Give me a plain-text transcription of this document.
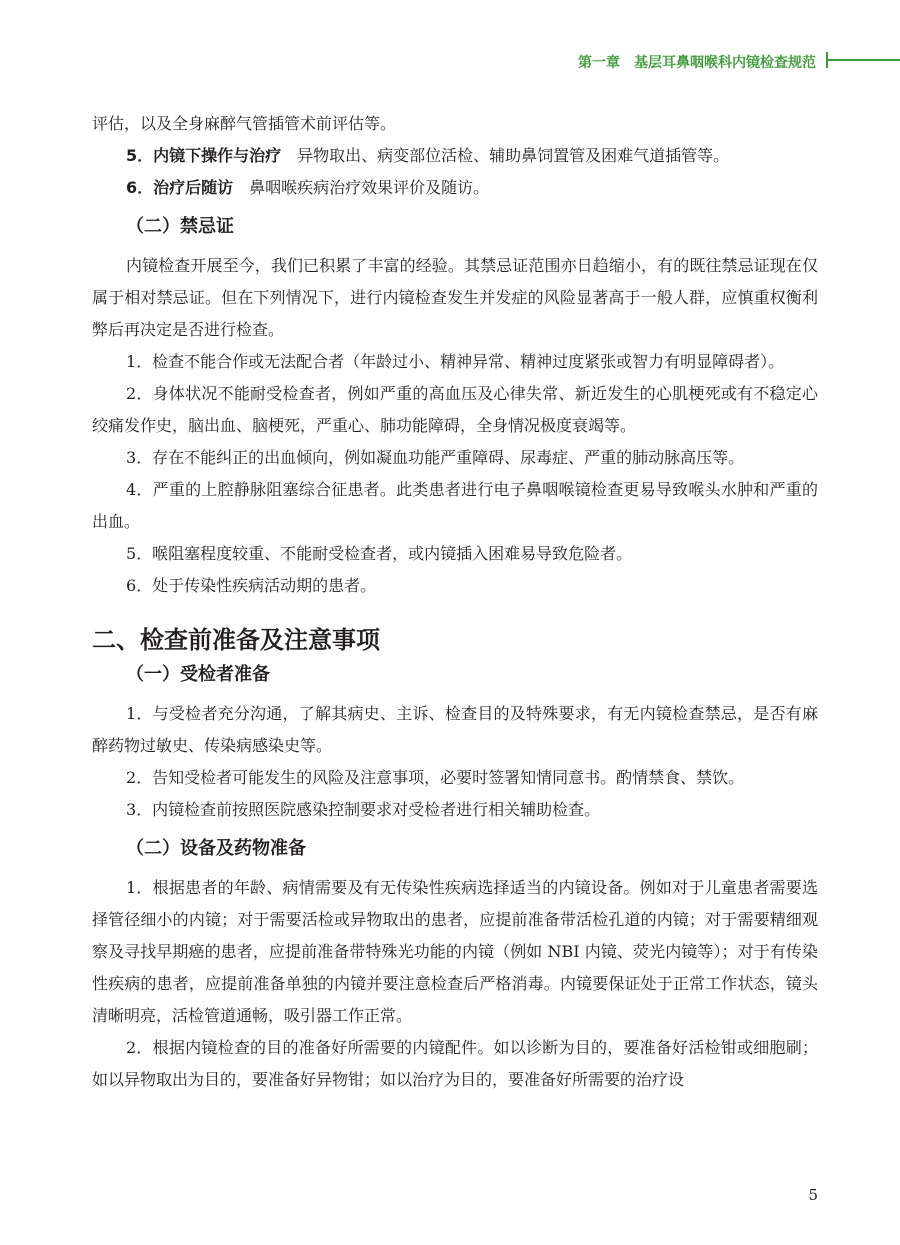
第一章　基层耳鼻咽喉科内镜检查规范

评估，以及全身麻醉气管插管术前评估等。

5．内镜下操作与治疗　异物取出、病变部位活检、辅助鼻饲置管及困难气道插管等。

6．治疗后随访　鼻咽喉疾病治疗效果评价及随访。

（二）禁忌证

内镜检查开展至今，我们已积累了丰富的经验。其禁忌证范围亦日趋缩小，有的既往禁忌证现在仅属于相对禁忌证。但在下列情况下，进行内镜检查发生并发症的风险显著高于一般人群，应慎重权衡利弊后再决定是否进行检查。

1．检查不能合作或无法配合者（年龄过小、精神异常、精神过度紧张或智力有明显障碍者）。

2．身体状况不能耐受检查者，例如严重的高血压及心律失常、新近发生的心肌梗死或有不稳定心绞痛发作史，脑出血、脑梗死，严重心、肺功能障碍，全身情况极度衰竭等。

3．存在不能纠正的出血倾向，例如凝血功能严重障碍、尿毒症、严重的肺动脉高压等。

4．严重的上腔静脉阻塞综合征患者。此类患者进行电子鼻咽喉镜检查更易导致喉头水肿和严重的出血。

5．喉阻塞程度较重、不能耐受检查者，或内镜插入困难易导致危险者。

6．处于传染性疾病活动期的患者。

二、检查前准备及注意事项
（一）受检者准备

1．与受检者充分沟通，了解其病史、主诉、检查目的及特殊要求，有无内镜检查禁忌，是否有麻醉药物过敏史、传染病感染史等。

2．告知受检者可能发生的风险及注意事项，必要时签署知情同意书。酌情禁食、禁饮。

3．内镜检查前按照医院感染控制要求对受检者进行相关辅助检查。

（二）设备及药物准备

1．根据患者的年龄、病情需要及有无传染性疾病选择适当的内镜设备。例如对于儿童患者需要选择管径细小的内镜；对于需要活检或异物取出的患者，应提前准备带活检孔道的内镜；对于需要精细观察及寻找早期癌的患者，应提前准备带特殊光功能的内镜（例如 NBI 内镜、荧光内镜等）；对于有传染性疾病的患者，应提前准备单独的内镜并要注意检查后严格消毒。内镜要保证处于正常工作状态，镜头清晰明亮，活检管道通畅，吸引器工作正常。

2．根据内镜检查的目的准备好所需要的内镜配件。如以诊断为目的，要准备好活检钳或细胞刷；如以异物取出为目的，要准备好异物钳；如以治疗为目的，要准备好所需要的治疗设

5
